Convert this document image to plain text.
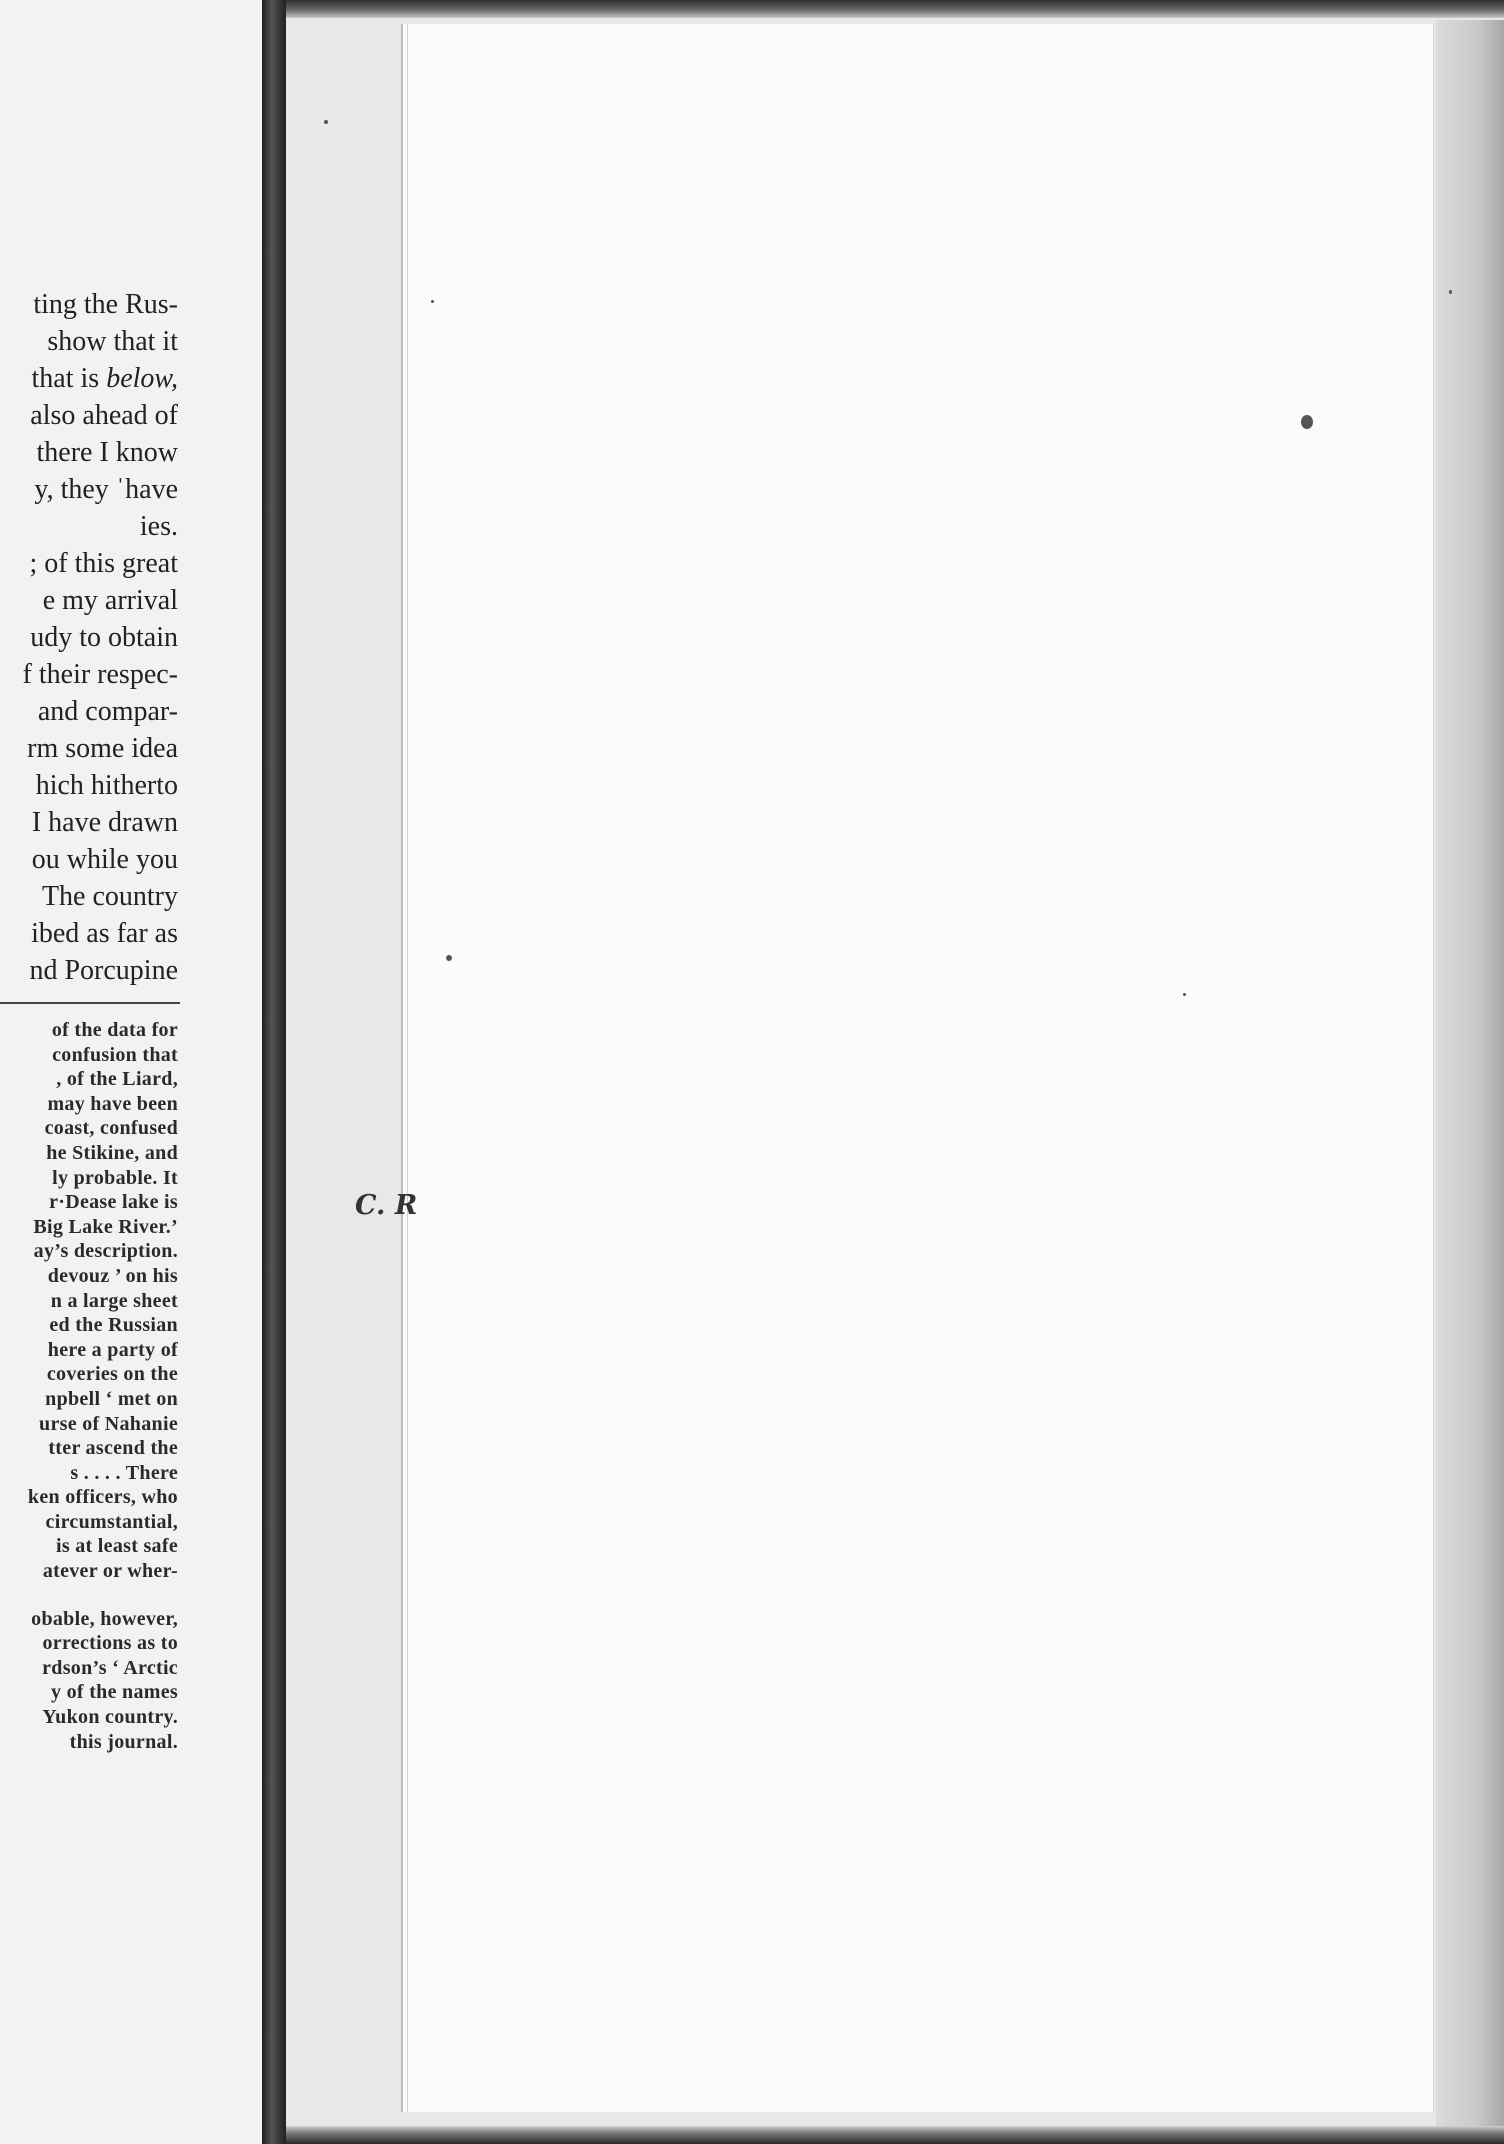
ting the Rus-
show that it
that is below,
also ahead of
there I know
y, they ˈhave
ies.
; of this great
e my arrival
udy to obtain
f their respec-
and compar-
rm some idea
hich hitherto
I have drawn
ou while you
The country
ibed as far as
nd Porcupine
of the data for
confusion that
, of the Liard,
may have been
coast, confused
he Stikine, and
ly probable. It
r·Dease lake is
Big Lake River.’
ay’s description.
devouz ’ on his
n a large sheet
ed the Russian
here a party of
coveries on the
npbell ‘ met on
urse of Nahanie
tter ascend the
s . . . . There
ken officers, who
circumstantial,
is at least safe
atever or wher-
obable, however,
orrections as to
rdson’s ‘ Arctic
y of the names
Yukon country.
this journal.
C. R
